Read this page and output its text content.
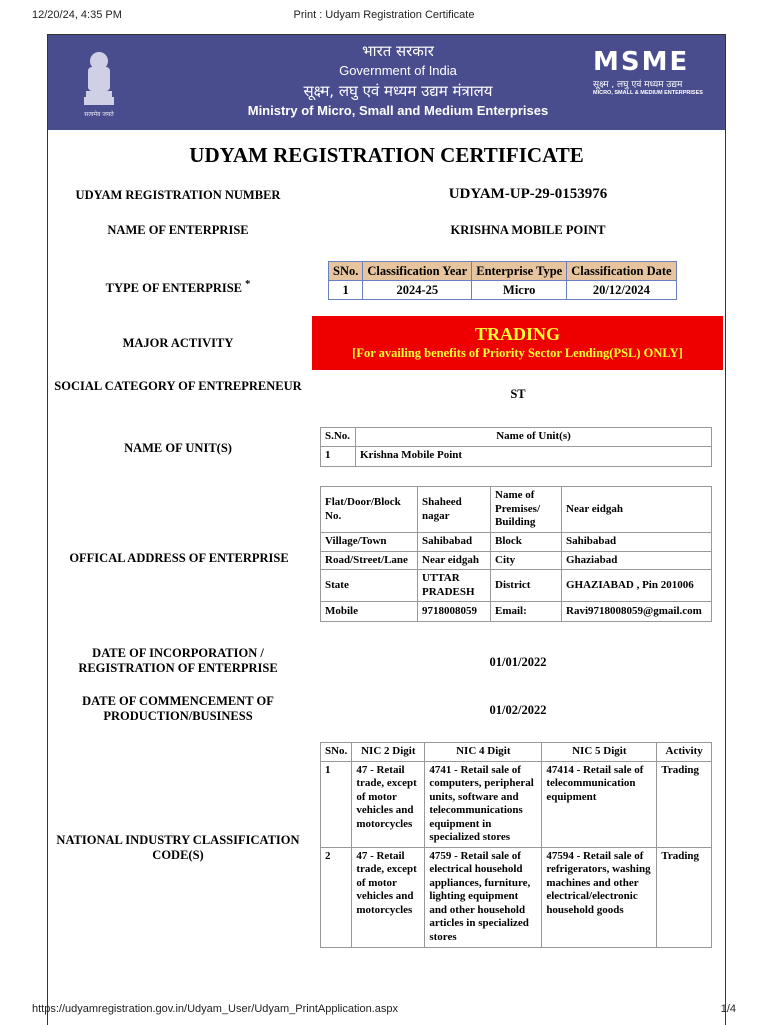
12/20/24, 4:35 PM	Print : Udyam Registration Certificate
सत्यमेव जयते
भारत सरकार
Government of India
सूक्ष्म, लघु एवं मध्यम उद्यम मंत्रालय
Ministry of Micro, Small and Medium Enterprises
MSME
सूक्ष्म , लघु एवं मध्यम उद्यम
MICRO, SMALL & MEDIUM ENTERPRISES
UDYAM REGISTRATION CERTIFICATE
UDYAM REGISTRATION NUMBER	UDYAM-UP-29-0153976
NAME OF ENTERPRISE	KRISHNA MOBILE POINT
TYPE OF ENTERPRISE *
SNo.	Classification Year	Enterprise Type	Classification Date
1	2024-25	Micro	20/12/2024
MAJOR ACTIVITY	TRADING
[For availing benefits of Priority Sector Lending(PSL) ONLY]
SOCIAL CATEGORY OF ENTREPRENEUR
ST
NAME OF UNIT(S)
S.No.	Name of Unit(s)
1	Krishna Mobile Point
OFFICAL ADDRESS OF ENTERPRISE
Flat/Door/Block No.	Shaheed nagar	Name of Premises/ Building	Near eidgah
Village/Town	Sahibabad	Block	Sahibabad
Road/Street/Lane	Near eidgah	City	Ghaziabad
State	UTTAR PRADESH	District	GHAZIABAD , Pin 201006
Mobile	9718008059	Email:	Ravi9718008059@gmail.com
DATE OF INCORPORATION / REGISTRATION OF ENTERPRISE	01/01/2022
DATE OF COMMENCEMENT OF PRODUCTION/BUSINESS	01/02/2022
NATIONAL INDUSTRY CLASSIFICATION CODE(S)
SNo.	NIC 2 Digit	NIC 4 Digit	NIC 5 Digit	Activity
1	47 - Retail trade, except of motor vehicles and motorcycles	4741 - Retail sale of computers, peripheral units, software and telecommunications equipment in specialized stores	47414 - Retail sale of telecommunication equipment	Trading
2	47 - Retail trade, except of motor vehicles and motorcycles	4759 - Retail sale of electrical household appliances, furniture, lighting equipment and other household articles in specialized stores	47594 - Retail sale of refrigerators, washing machines and other electrical/electronic household goods	Trading
https://udyamregistration.gov.in/Udyam_User/Udyam_PrintApplication.aspx	1/4
